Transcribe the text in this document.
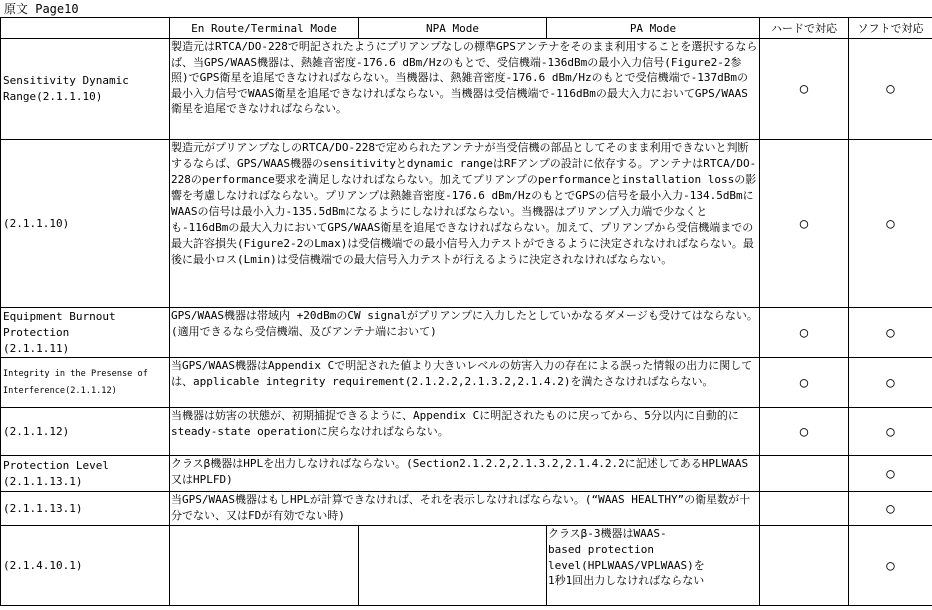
原文 Page10
	En Route/Terminal Mode	NPA Mode	PA Mode	ハードで対応	ソフトで対応
Sensitivity Dynamic
Range(2.1.1.10)	製造元はRTCA/DO-228で明記されたようにプリアンプなしの標準GPSアンテナをそのまま利用することを選択するならば、当GPS/WAAS機器は、熱雑音密度-176.6 dBm/Hzのもとで、受信機端-136dBmの最小入力信号(Figure2-2参照)でGPS衛星を追尾できなければならない。当機器は、熱雑音密度-176.6 dBm/Hzのもとで受信機端で-137dBmの最小入力信号でWAAS衛星を追尾できなければならない。当機器は受信機端で-116dBmの最大入力においてGPS/WAAS衛星を追尾できなければならない。			○	○
(2.1.1.10)	製造元がプリアンプなしのRTCA/DO-228で定められたアンテナが当受信機の部品としてそのまま利用できないと判断するならば、GPS/WAAS機器のsensitivityとdynamic rangeはRFアンプの設計に依存する。アンテナはRTCA/DO-228のperformance要求を満足しなければならない。加えてプリアンプのperformanceとinstallation lossの影響を考慮しなければならない。プリアンプは熱雑音密度-176.6 dBm/HzのもとでGPSの信号を最小入力-134.5dBmにWAASの信号は最小入力-135.5dBmになるようにしなければならない。当機器はプリアンプ入力端で少なくとも-116dBmの最大入力においてGPS/WAAS衛星を追尾できなければならない。加えて、プリアンプから受信機端までの最大許容損失(Figure2-2のLmax)は受信機端での最小信号入力テストができるように決定されなければならない。最後に最小ロス(Lmin)は受信機端での最大信号入力テストが行えるように決定されなければならない。			○	○
Equipment Burnout
Protection
(2.1.1.11)	GPS/WAAS機器は帯域内 +20dBmのCW signalがプリアンプに入力したとしていかなるダメージも受けてはならない。(適用できるなら受信機端、及びアンテナ端において)			○	○
Integrity in the Presense of
Interference(2.1.1.12)	当GPS/WAAS機器はAppendix Cで明記された値より大きいレベルの妨害入力の存在による誤った情報の出力に関しては、applicable integrity requirement(2.1.2.2,2.1.3.2,2.1.4.2)を満たさなければならない。			○	○
(2.1.1.12)	当機器は妨害の状態が、初期捕捉できるように、Appendix Cに明記されたものに戻ってから、5分以内に自動的にsteady-state operationに戻らなければならない。			○	○
Protection Level
(2.1.1.13.1)	クラスβ機器はHPLを出力しなければならない。(Section2.1.2.2,2.1.3.2,2.1.4.2.2に記述してあるHPLWAAS又はHPLFD)				○
(2.1.1.13.1)	当GPS/WAAS機器はもしHPLが計算できなければ、それを表示しなければならない。(“WAAS HEALTHY”の衛星数が十分でない、又はFDが有効でない時)				○
(2.1.4.10.1)			クラスβ-3機器はWAAS-
based protection
level(HPLWAAS/VPLWAAS)を
1秒1回出力しなければならない		○
